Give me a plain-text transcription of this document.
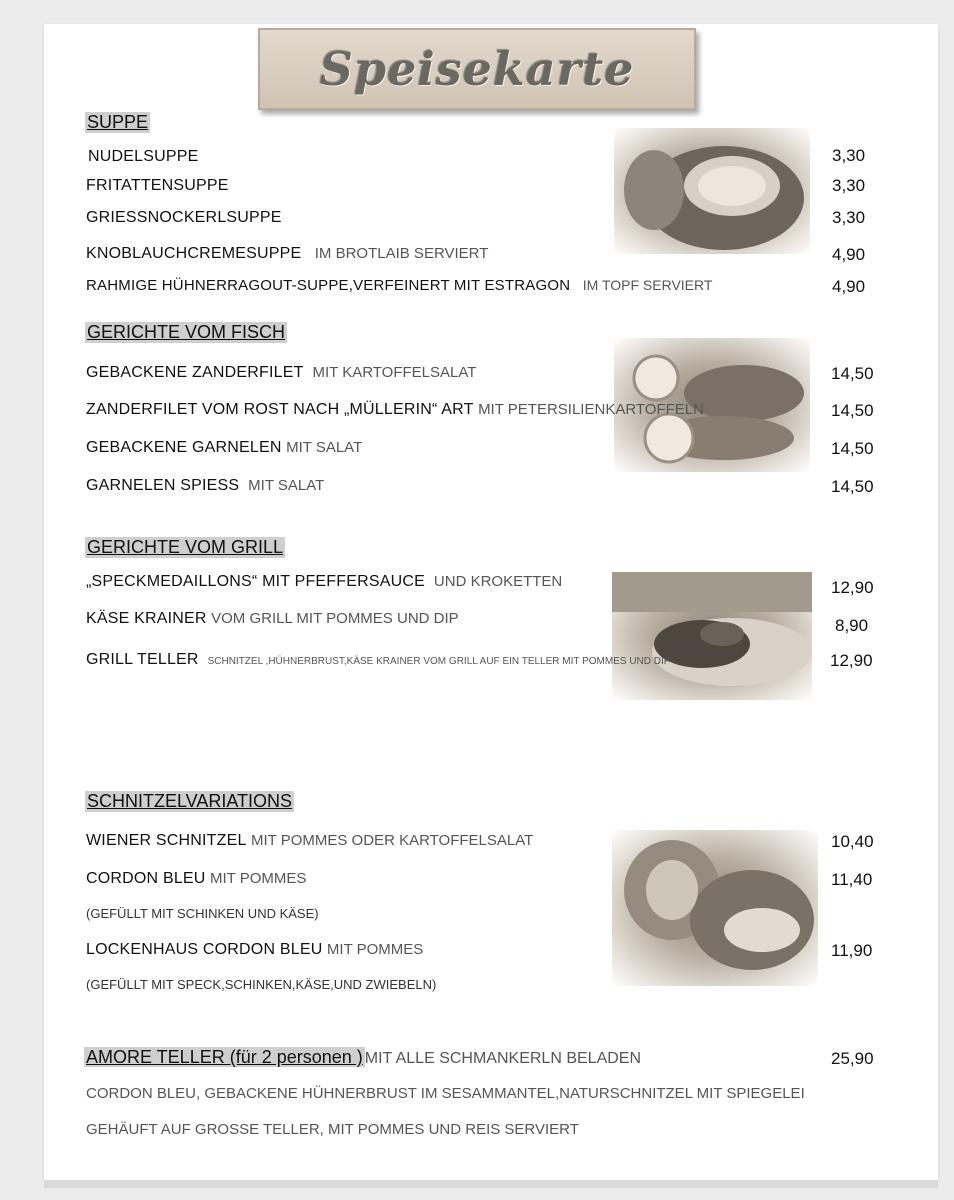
Speisekarte
SUPPE
NUDELSUPPE	3,30
FRITATTENSUPPE	3,30
GRIESSNOCKERLSUPPE	3,30
KNOBLAUCHCREMESUPPE IM BROTLAIB SERVIERT	4,90
RAHMIGE HÜHNERRAGOUT-SUPPE,VERFEINERT MIT ESTRAGON IM TOPF SERVIERT	4,90
GERICHTE VOM FISCH
GEBACKENE ZANDERFILET MIT KARTOFFELSALAT	14,50
ZANDERFILET VOM ROST NACH „MÜLLERIN“ ART MIT PETERSILIENKARTOFFELN	14,50
GEBACKENE GARNELEN MIT SALAT	14,50
GARNELEN SPIESS MIT SALAT	14,50
GERICHTE VOM GRILL
„SPECKMEDAILLONS“ MIT PFEFFERSAUCE UND KROKETTEN	12,90
KÄSE KRAINER VOM GRILL MIT POMMES UND DIP	8,90
GRILL TELLER SCHNITZEL ,HÜHNERBRUST,KÄSE KRAINER VOM GRILL AUF EIN TELLER MIT POMMES UND DIP	12,90
SCHNITZELVARIATIONS
WIENER SCHNITZEL MIT POMMES ODER KARTOFFELSALAT	10,40
CORDON BLEU MIT POMMES	11,40
(GEFÜLLT MIT SCHINKEN UND KÄSE)
LOCKENHAUS CORDON BLEU MIT POMMES	11,90
(GEFÜLLT MIT SPECK,SCHINKEN,KÄSE,UND ZWIEBELN)
AMORE TELLER (für 2 personen ) MIT ALLE SCHMANKERLN BELADEN	25,90
CORDON BLEU, GEBACKENE HÜHNERBRUST IM SESAMMANTEL,NATURSCHNITZEL MIT SPIEGELEI
GEHÄUFT AUF GROSSE TELLER, MIT POMMES UND REIS SERVIERT
